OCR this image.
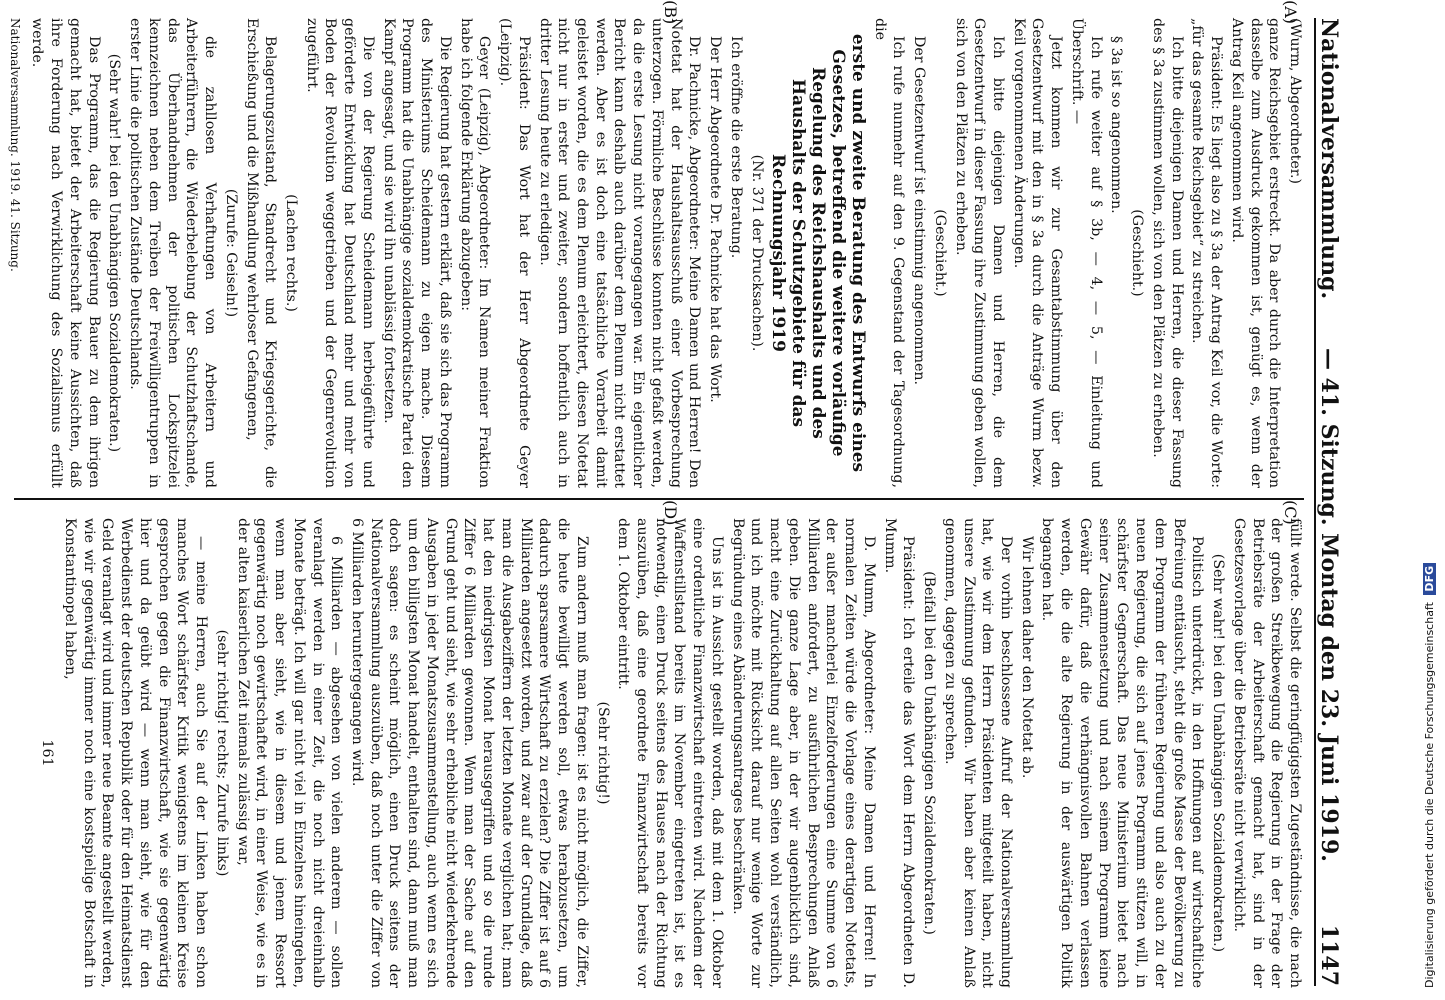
Nationalversammlung.
— 41. Sitzung. Montag den 23. Juni 1919.
1147
(A)
(B)
(C)
(D)

(Wurm, Abgeordneter.)

ganze Reichsgebiet erstreckt. Da aber durch die Interpretation dasselbe zum Ausdruck gekommen ist, genügt es, wenn der Antrag Keil angenommen wird.

Präsident: Es liegt also zu § 3a der Antrag Keil vor, die Worte: „für das gesamte Reichsgebiet“ zu streichen.

Ich bitte diejenigen Damen und Herren, die dieser Fassung des § 3a zustimmen wollen, sich von den Plätzen zu erheben.

(Geschieht.)

§ 3a ist so angenommen.

Ich rufe weiter auf § 3b, — 4, — 5, — Einleitung und Überschrift. —

Jetzt kommen wir zur Gesamtabstimmung über den Gesetzentwurf mit den in § 3a durch die Anträge Wurm bezw. Keil vorgenommenen Änderungen.

Ich bitte diejenigen Damen und Herren, die dem Gesetzentwurf in dieser Fassung ihre Zustimmung geben wollen, sich von den Plätzen zu erheben.

(Geschieht.)

Der Gesetzentwurf ist einstimmig angenommen.

Ich rufe nunmehr auf den 9. Gegenstand der Tagesordnung, die

erste und zweite Beratung des Entwurfs eines Gesetzes, betreffend die weitere vorläufige Regelung des Reichshaushalts und des Haushalts der Schutzgebiete für das Rechnungsjahr 1919

(Nr. 371 der Drucksachen).

Ich eröffne die erste Beratung.

Der Herr Abgeordnete Dr. Pachnicke hat das Wort.

Dr. Pachnicke, Abgeordneter: Meine Damen und Herren! Den Notetat hat der Haushaltsausschuß einer Vorbesprechung unterzogen. Förmliche Beschlüsse konnten nicht gefaßt werden, da die erste Lesung nicht vorangegangen war. Ein eigentlicher Bericht kann deshalb auch darüber dem Plenum nicht erstattet werden. Aber es ist doch eine tatsächliche Vorarbeit damit geleistet worden, die es dem Plenum erleichtert, diesen Notetat nicht nur in erster und zweiter, sondern hoffentlich auch in dritter Lesung heute zu erledigen.

Präsident: Das Wort hat der Herr Abgeordnete Geyer (Leipzig).

Geyer (Leipzig), Abgeordneter: Im Namen meiner Fraktion habe ich folgende Erklärung abzugeben:

Die Regierung hat gestern erklärt, daß sie sich das Programm des Ministeriums Scheidemann zu eigen mache. Diesem Programm hat die Unabhängige sozialdemokratische Partei den Kampf angesagt, und sie wird ihn unablässig fortsetzen.

Die von der Regierung Scheidemann herbeigeführte und geförderte Entwicklung hat Deutschland mehr und mehr von Boden der Revolution weggetrieben und der Gegenrevolution zugeführt.

(Lachen rechts.)

Belagerungszustand, Standrecht und Kriegsgerichte, die Erschießung und die Mißhandlung wehrloser Gefangenen,

(Zurufe: Geiseln!)

die zahllosen Verhaftungen von Arbeitern und Arbeiterführern, die Wiederbelebung der Schutzhaftschande, das Überhandnehmen der politischen Lockspitzelei kennzeichnen neben dem Treiben der Freiwilligentruppen in erster Linie die politischen Zustände Deutschlands.

(Sehr wahr! bei den Unabhängigen Sozialdemokraten.)

Das Programm, das die Regierung Bauer zu dem ihrigen gemacht hat, bietet der Arbeiterschaft keine Aussichten, daß ihre Forderung nach Verwirklichung des Sozialismus erfüllt werde.

Nationalversammlung. 1919. 41. Sitzung.

füllt werde. Selbst die geringfügigsten Zugeständnisse, die nach der großen Streikbewegung die Regierung in der Frage der Betriebsräte der Arbeiterschaft gemacht hat, sind in der Gesetzesvorlage über die Betriebsräte nicht verwirklicht.

(Sehr wahr! bei den Unabhängigen Sozialdemokraten.)

Politisch unterdrückt, in den Hoffnungen auf wirtschaftliche Befreiung enttäuscht, steht die große Masse der Bevölkerung zu dem Programm der früheren Regierung und also auch zu der neuen Regierung, die sich auf jenes Programm stützen will, in schärfster Gegnerschaft. Das neue Ministerium bietet nach seiner Zusammensetzung und nach seinem Programm keine Gewähr dafür, daß die verhängnisvollen Bahnen verlassen werden, die die alte Regierung in der auswärtigen Politik begangen hat.

Wir lehnen daher den Notetat ab.

Der vorhin beschlossene Aufruf der Nationalversammlung hat, wie wir dem Herrn Präsidenten mitgeteilt haben, nicht unsere Zustimmung gefunden. Wir haben aber keinen Anlaß genommen, dagegen zu sprechen.

(Beifall bei den Unabhängigen Sozialdemokraten.)

Präsident: Ich erteile das Wort dem Herrn Abgeordneten D. Mumm.

D. Mumm, Abgeordneter: Meine Damen und Herren! In normalen Zeiten würde die Vorlage eines derartigen Notetats, der außer mancherlei Einzelforderungen eine Summe von 6 Milliarden anfordert, zu ausführlichen Besprechungen Anlaß geben. Die ganze Lage aber, in der wir augenblicklich sind, macht eine Zurückhaltung auf allen Seiten wohl verständlich, und ich möchte mit Rücksicht darauf nur wenige Worte zur Begründung eines Abänderungsantrages beschränken.

Uns ist in Aussicht gestellt worden, daß mit dem 1. Oktober eine ordentliche Finanzwirtschaft eintreten wird. Nachdem der Waffenstillstand bereits im November eingetreten ist, ist es notwendig, einen Druck seitens des Hauses nach der Richtung auszuüben, daß eine geordnete Finanzwirtschaft bereits vor dem 1. Oktober eintritt.

(Sehr richtig!)

Zum andern muß man fragen: ist es nicht möglich, die Ziffer, die heute bewilligt werden soll, etwas herabzusetzen, um dadurch sparsamere Wirtschaft zu erzielen? Die Ziffer ist auf 6 Milliarden angesetzt worden, und zwar auf der Grundlage, daß man die Ausgabeziffern der letzten Monate verglichen hat; man hat den niedrigsten Monat herausgegriffen und so die runde Ziffer 6 Milliarden gewonnen. Wenn man der Sache auf den Grund geht und sieht, wie sehr erhebliche nicht wiederkehrende Ausgaben in jeder Monatszusammenstellung, auch wenn es sich um den billigsten Monat handelt, enthalten sind, dann muß man doch sagen: es scheint möglich, einen Druck seitens der Nationalversammlung auszuüben, daß noch unter die Ziffer von 6 Milliarden heruntergegangen wird.

6 Milliarden — abgesehen von vielen anderem — sollen veranlagt werden in einer Zeit, die noch nicht dreieinhalb Monate beträgt. Ich will gar nicht viel in Einzelnes hineingehen, wenn man aber sieht, wie in diesem und jenem Ressort gegenwärtig noch gewirtschaftet wird, in einer Weise, wie es in der alten kaiserlichen Zeit niemals zulässig war,

(sehr richtig! rechts; Zurufe links)

— meine Herren, auch Sie auf der Linken haben schon manches Wort schärfster Kritik wenigstens im kleinen Kreise gesprochen gegen die Finanzwirtschaft, wie sie gegenwärtig hier und da geübt wird — wenn man sieht, wie für den Werbedienst der deutschen Republik oder für den Heimatsdienst Geld veranlagt wird und immer neue Beamte angestellt werden, wie wir gegenwärtig immer noch eine kostspielige Botschaft in Konstantinopel haben,

161	Digitalisierung gefördert durch die Deutsche Forschungsgemeinschaft DFG
